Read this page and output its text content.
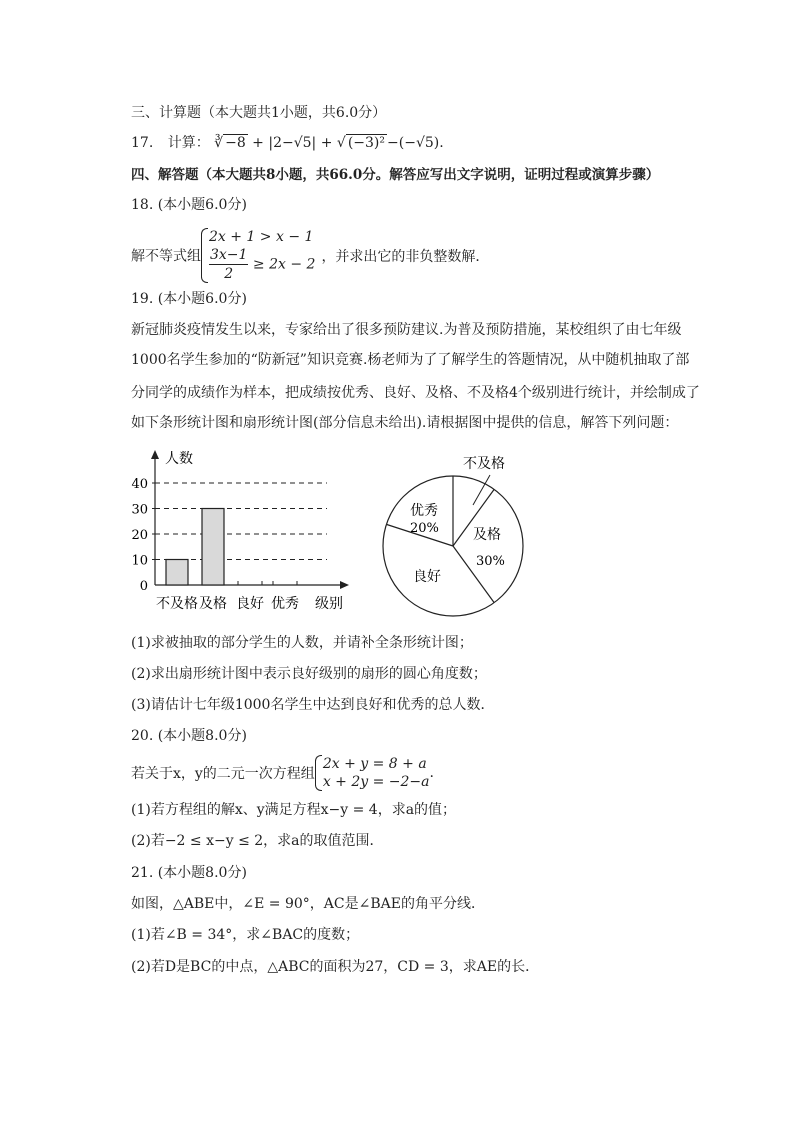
三、计算题（本大题共1小题，共6.0分）
17. 计算： ∛ −8 + |2−√5| + √ (−3)² −(−√5).
四、解答题（本大题共8小题，共66.0分。解答应写出文字说明，证明过程或演算步骤）
18. (本小题6.0分)
解不等式组
2x + 1 > x − 1
$\frac{3x-1}{2} \ge 2x - 2$ ，并求出它的非负整数解．
19. (本小题6.0分)
新冠肺炎疫情发生以来，专家给出了很多预防建议.为普及预防措施，某校组织了由七年级
1000名学生参加的“防新冠”知识竞赛.杨老师为了了解学生的答题情况，从中随机抽取了部
分同学的成绩作为样本，把成绩按优秀、良好、及格、不及格4个级别进行统计，并绘制成了
如下条形统计图和扇形统计图(部分信息未给出).请根据图中提供的信息，解答下列问题：
人数
级别
0
10
20
30
40
不及格 及格 良好 优秀
不及格
及格
30%
良好
优秀
20%
(1)求被抽取的部分学生的人数，并请补全条形统计图；
(2)求出扇形统计图中表示良好级别的扇形的圆心角度数；
(3)请估计七年级1000名学生中达到良好和优秀的总人数．
20. (本小题8.0分)
若关于x，y的二元一次方程组
2x + y = 8 + a
x + 2y = −2−a
.
(1)若方程组的解x、y满足方程x−y = 4，求a的值；
(2)若−2 ≤ x−y ≤ 2，求a的取值范围．
21. (本小题8.0分)
如图，△ABE中，∠E = 90°，AC是∠BAE的角平分线．
(1)若∠B = 34°，求∠BAC的度数；
(2)若D是BC的中点，△ABC的面积为27，CD = 3，求AE的长．
